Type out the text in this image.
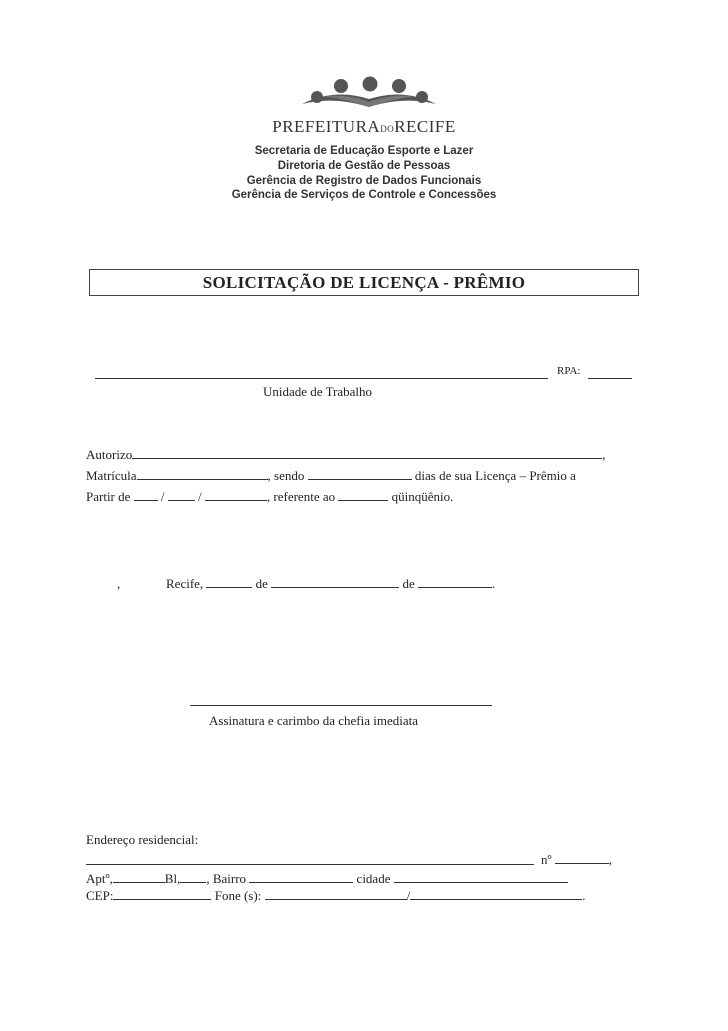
PREFEITURADORECIFE
Secretaria de Educação Esporte e Lazer
Diretoria de Gestão de Pessoas
Gerência de Registro de Dados Funcionais
Gerência de Serviços de Controle e Concessões
SOLICITAÇÃO DE LICENÇA - PRÊMIO
RPA:
Unidade de Trabalho
Autorizo	,
Matrícula	, sendo	dias de sua Licença – Prêmio a
Partir de /	/	, referente ao	qüinqüênio.
,	Recife,	de	de	.
Assinatura e carimbo da chefia imediata
Endereço residencial:
nº	,
Aptº,	Bl, , Bairro	cidade
CEP:	Fone (s):	/	.
